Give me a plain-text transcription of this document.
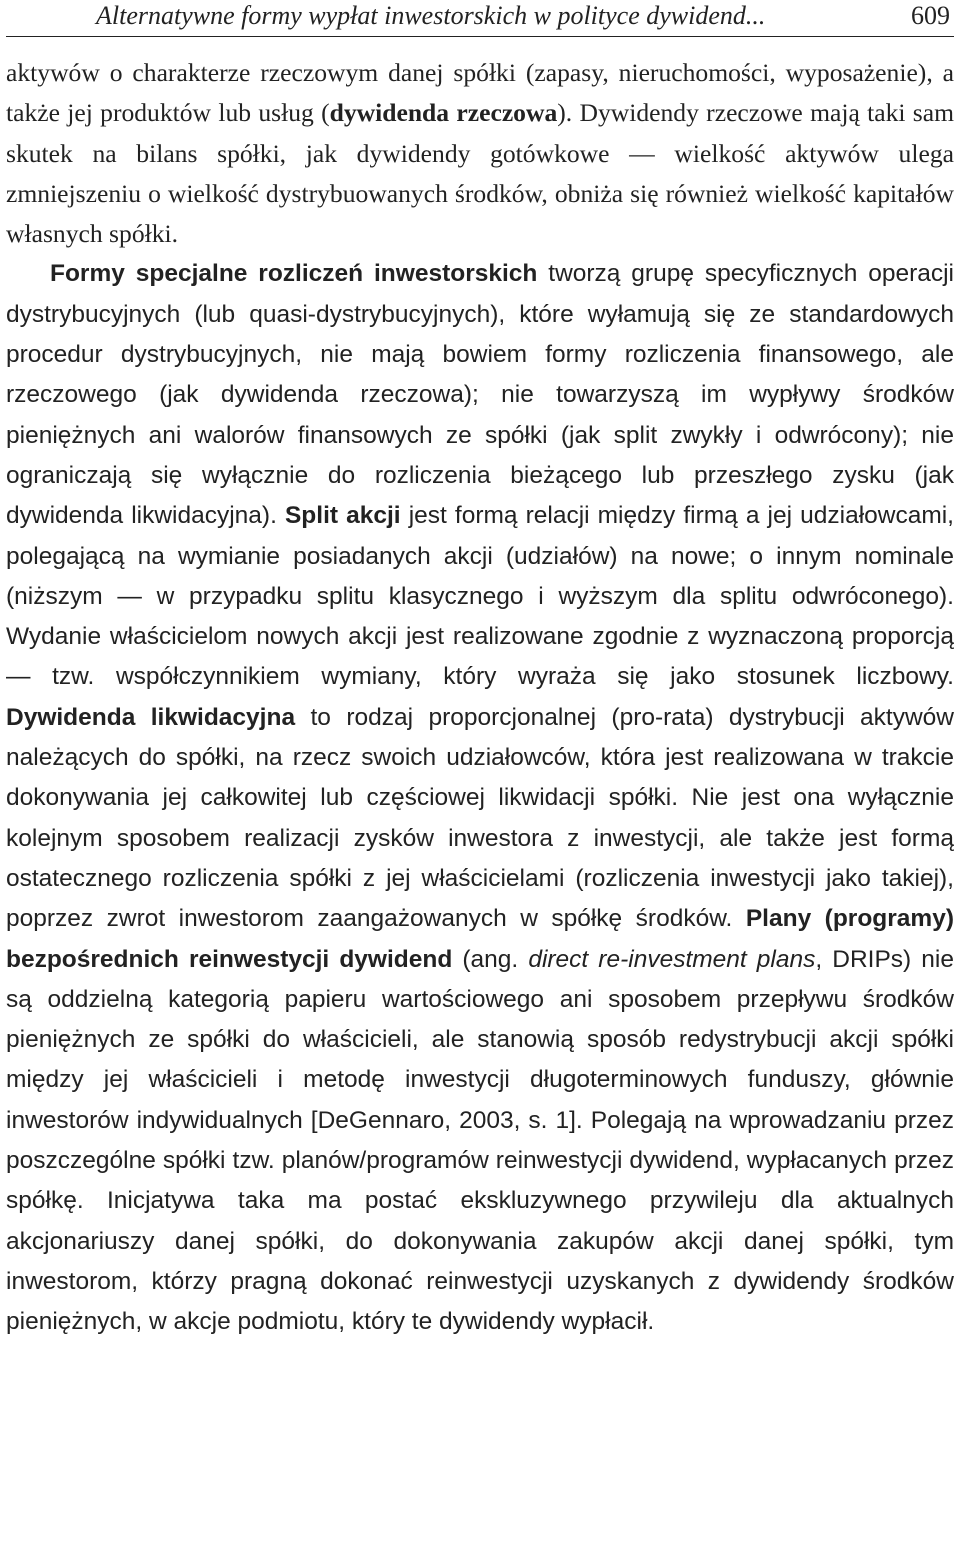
Alternatywne formy wypłat inwestorskich w polityce dywidend...	609

aktywów o charakterze rzeczowym danej spółki (zapasy, nieruchomości, wyposażenie), a także jej produktów lub usług (dywidenda rzeczowa). Dywidendy rzeczowe mają taki sam skutek na bilans spółki, jak dywidendy gotówkowe — wielkość aktywów ulega zmniejszeniu o wielkość dystrybuowanych środków, obniża się również wielkość kapitałów własnych spółki.

Formy specjalne rozliczeń inwestorskich tworzą grupę specyficznych operacji dystrybucyjnych (lub quasi-dystrybucyjnych), które wyłamują się ze standardowych procedur dystrybucyjnych, nie mają bowiem formy rozliczenia finansowego, ale rzeczowego (jak dywidenda rzeczowa); nie towarzyszą im wypływy środków pieniężnych ani walorów finansowych ze spółki (jak split zwykły i odwrócony); nie ograniczają się wyłącznie do rozliczenia bieżącego lub przeszłego zysku (jak dywidenda likwidacyjna). Split akcji jest formą relacji między firmą a jej udziałowcami, polegającą na wymianie posiadanych akcji (udziałów) na nowe; o innym nominale (niższym — w przypadku splitu klasycznego i wyższym dla splitu odwróconego). Wydanie właścicielom nowych akcji jest realizowane zgodnie z wyznaczoną proporcją — tzw. współczynnikiem wymiany, który wyraża się jako stosunek liczbowy. Dywidenda likwidacyjna to rodzaj proporcjonalnej (pro-rata) dystrybucji aktywów należących do spółki, na rzecz swoich udziałowców, która jest realizowana w trakcie dokonywania jej całkowitej lub częściowej likwidacji spółki. Nie jest ona wyłącznie kolejnym sposobem realizacji zysków inwestora z inwestycji, ale także jest formą ostatecznego rozliczenia spółki z jej właścicielami (rozliczenia inwestycji jako takiej), poprzez zwrot inwestorom zaangażowanych w spółkę środków. Plany (programy) bezpośrednich reinwestycji dywidend (ang. direct re-investment plans, DRIPs) nie są oddzielną kategorią papieru wartościowego ani sposobem przepływu środków pieniężnych ze spółki do właścicieli, ale stanowią sposób redystrybucji akcji spółki między jej właścicieli i metodę inwestycji długoterminowych funduszy, głównie inwestorów indywidualnych [DeGennaro, 2003, s. 1]. Polegają na wprowadzaniu przez poszczególne spółki tzw. planów/programów reinwestycji dywidend, wypłacanych przez spółkę. Inicjatywa taka ma postać ekskluzywnego przywileju dla aktualnych akcjonariuszy danej spółki, do dokonywania zakupów akcji danej spółki, tym inwestorom, którzy pragną dokonać reinwestycji uzyskanych z dywidendy środków pieniężnych, w akcje podmiotu, który te dywidendy wypłacił.
